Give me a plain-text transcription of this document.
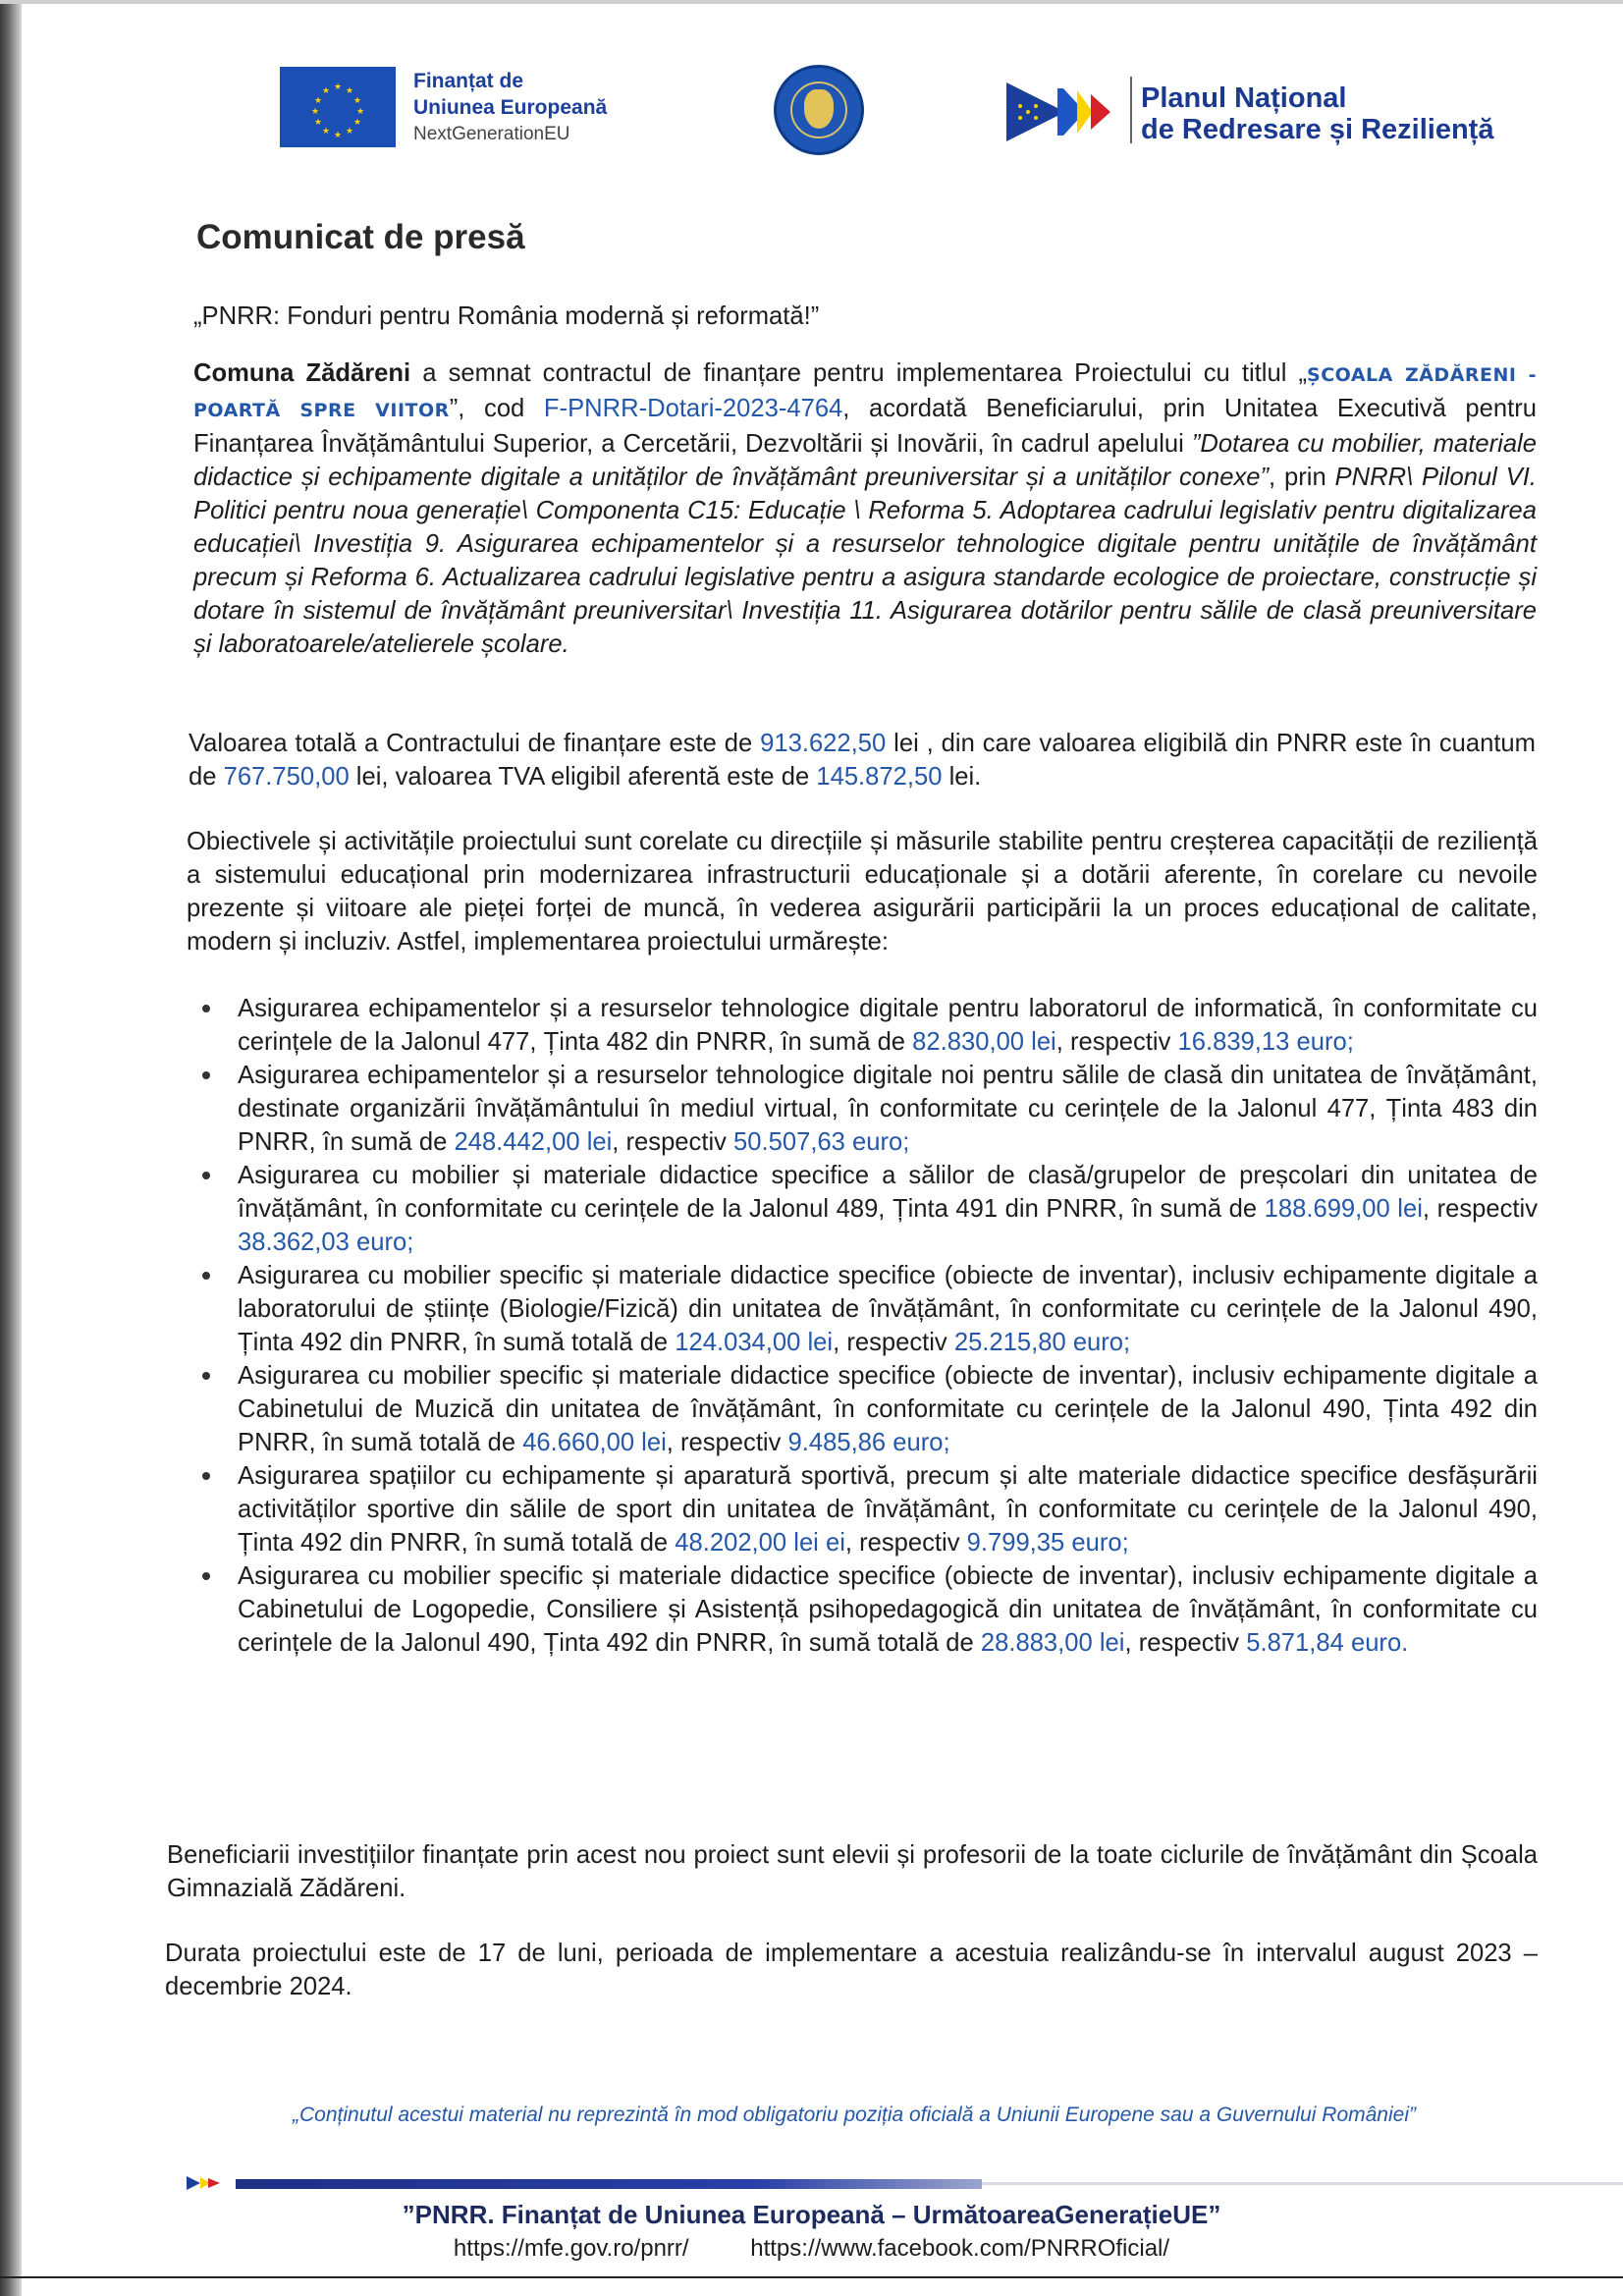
★ ★
★
★
★
★
★
★
★
★
★
★	Finanțat de
Uniunea Europeană
NextGenerationEU
Planul Național
de Redresare și Reziliență
Comunicat de presă
„PNRR: Fonduri pentru România modernă și reformată!”
Comuna Zădăreni a semnat contractul de finanțare pentru implementarea Proiectului cu titlul „ȘCOALA ZĂDĂRENI - POARTĂ SPRE VIITOR”, cod F-PNRR-Dotari-2023-4764, acordată Beneficiarului, prin Unitatea Executivă pentru Finanțarea Învățământului Superior, a Cercetării, Dezvoltării și Inovării, în cadrul apelului ”Dotarea cu mobilier, materiale didactice și echipamente digitale a unităților de învățământ preuniversitar și a unităților conexe”, prin PNRR\ Pilonul VI. Politici pentru noua generație\ Componenta C15: Educație \ Reforma 5. Adoptarea cadrului legislativ pentru digitalizarea educației\ Investiția 9. Asigurarea echipamentelor și a resurselor tehnologice digitale pentru unitățile de învățământ precum și Reforma 6. Actualizarea cadrului legislative pentru a asigura standarde ecologice de proiectare, construcție și dotare în sistemul de învățământ preuniversitar\ Investiția 11. Asigurarea dotărilor pentru sălile de clasă preuniversitare și laboratoarele/atelierele școlare.
Valoarea totală a Contractului de finanțare este de 913.622,50 lei , din care valoarea eligibilă din PNRR este în cuantum de 767.750,00 lei, valoarea TVA eligibil aferentă este de 145.872,50 lei.
Obiectivele și activitățile proiectului sunt corelate cu direcțiile și măsurile stabilite pentru creșterea capacității de reziliență a sistemului educațional prin modernizarea infrastructurii educaționale și a dotării aferente, în corelare cu nevoile prezente și viitoare ale pieței forței de muncă, în vederea asigurării participării la un proces educațional de calitate, modern și incluziv. Astfel, implementarea proiectului urmărește:
Asigurarea echipamentelor și a resurselor tehnologice digitale pentru laboratorul de informatică, în conformitate cu cerințele de la Jalonul 477, Ținta 482 din PNRR, în sumă de 82.830,00 lei, respectiv 16.839,13 euro;
Asigurarea echipamentelor și a resurselor tehnologice digitale noi pentru sălile de clasă din unitatea de învățământ, destinate organizării învățământului în mediul virtual, în conformitate cu cerințele de la Jalonul 477, Ținta 483 din PNRR, în sumă de 248.442,00 lei, respectiv 50.507,63 euro;
Asigurarea cu mobilier și materiale didactice specifice a sălilor de clasă/grupelor de preșcolari din unitatea de învățământ, în conformitate cu cerințele de la Jalonul 489, Ținta 491 din PNRR, în sumă de 188.699,00 lei, respectiv 38.362,03 euro;
Asigurarea cu mobilier specific și materiale didactice specifice (obiecte de inventar), inclusiv echipamente digitale a laboratorului de științe (Biologie/Fizică) din unitatea de învățământ, în conformitate cu cerințele de la Jalonul 490, Ținta 492 din PNRR, în sumă totală de 124.034,00 lei, respectiv 25.215,80 euro;
Asigurarea cu mobilier specific și materiale didactice specifice (obiecte de inventar), inclusiv echipamente digitale a Cabinetului de Muzică din unitatea de învățământ, în conformitate cu cerințele de la Jalonul 490, Ținta 492 din PNRR, în sumă totală de 46.660,00 lei, respectiv 9.485,86 euro;
Asigurarea spațiilor cu echipamente și aparatură sportivă, precum și alte materiale didactice specifice desfășurării activităților sportive din sălile de sport din unitatea de învățământ, în conformitate cu cerințele de la Jalonul 490, Ținta 492 din PNRR, în sumă totală de 48.202,00 lei ei, respectiv 9.799,35 euro;
Asigurarea cu mobilier specific și materiale didactice specifice (obiecte de inventar), inclusiv echipamente digitale a Cabinetului de Logopedie, Consiliere și Asistență psihopedagogică din unitatea de învățământ, în conformitate cu cerințele de la Jalonul 490, Ținta 492 din PNRR, în sumă totală de 28.883,00 lei, respectiv 5.871,84 euro.
Beneficiarii investițiilor finanțate prin acest nou proiect sunt elevii și profesorii de la toate ciclurile de învățământ din Școala Gimnazială Zădăreni.
Durata proiectului este de 17 de luni, perioada de implementare a acestuia realizându-se în intervalul august 2023 – decembrie 2024.
„Conținutul acestui material nu reprezintă în mod obligatoriu poziția oficială a Uniunii Europene sau a Guvernului României”
”PNRR. Finanțat de Uniunea Europeană – UrmătoareaGenerațieUE”
https://mfe.gov.ro/pnrr/	https://www.facebook.com/PNRROficial/
